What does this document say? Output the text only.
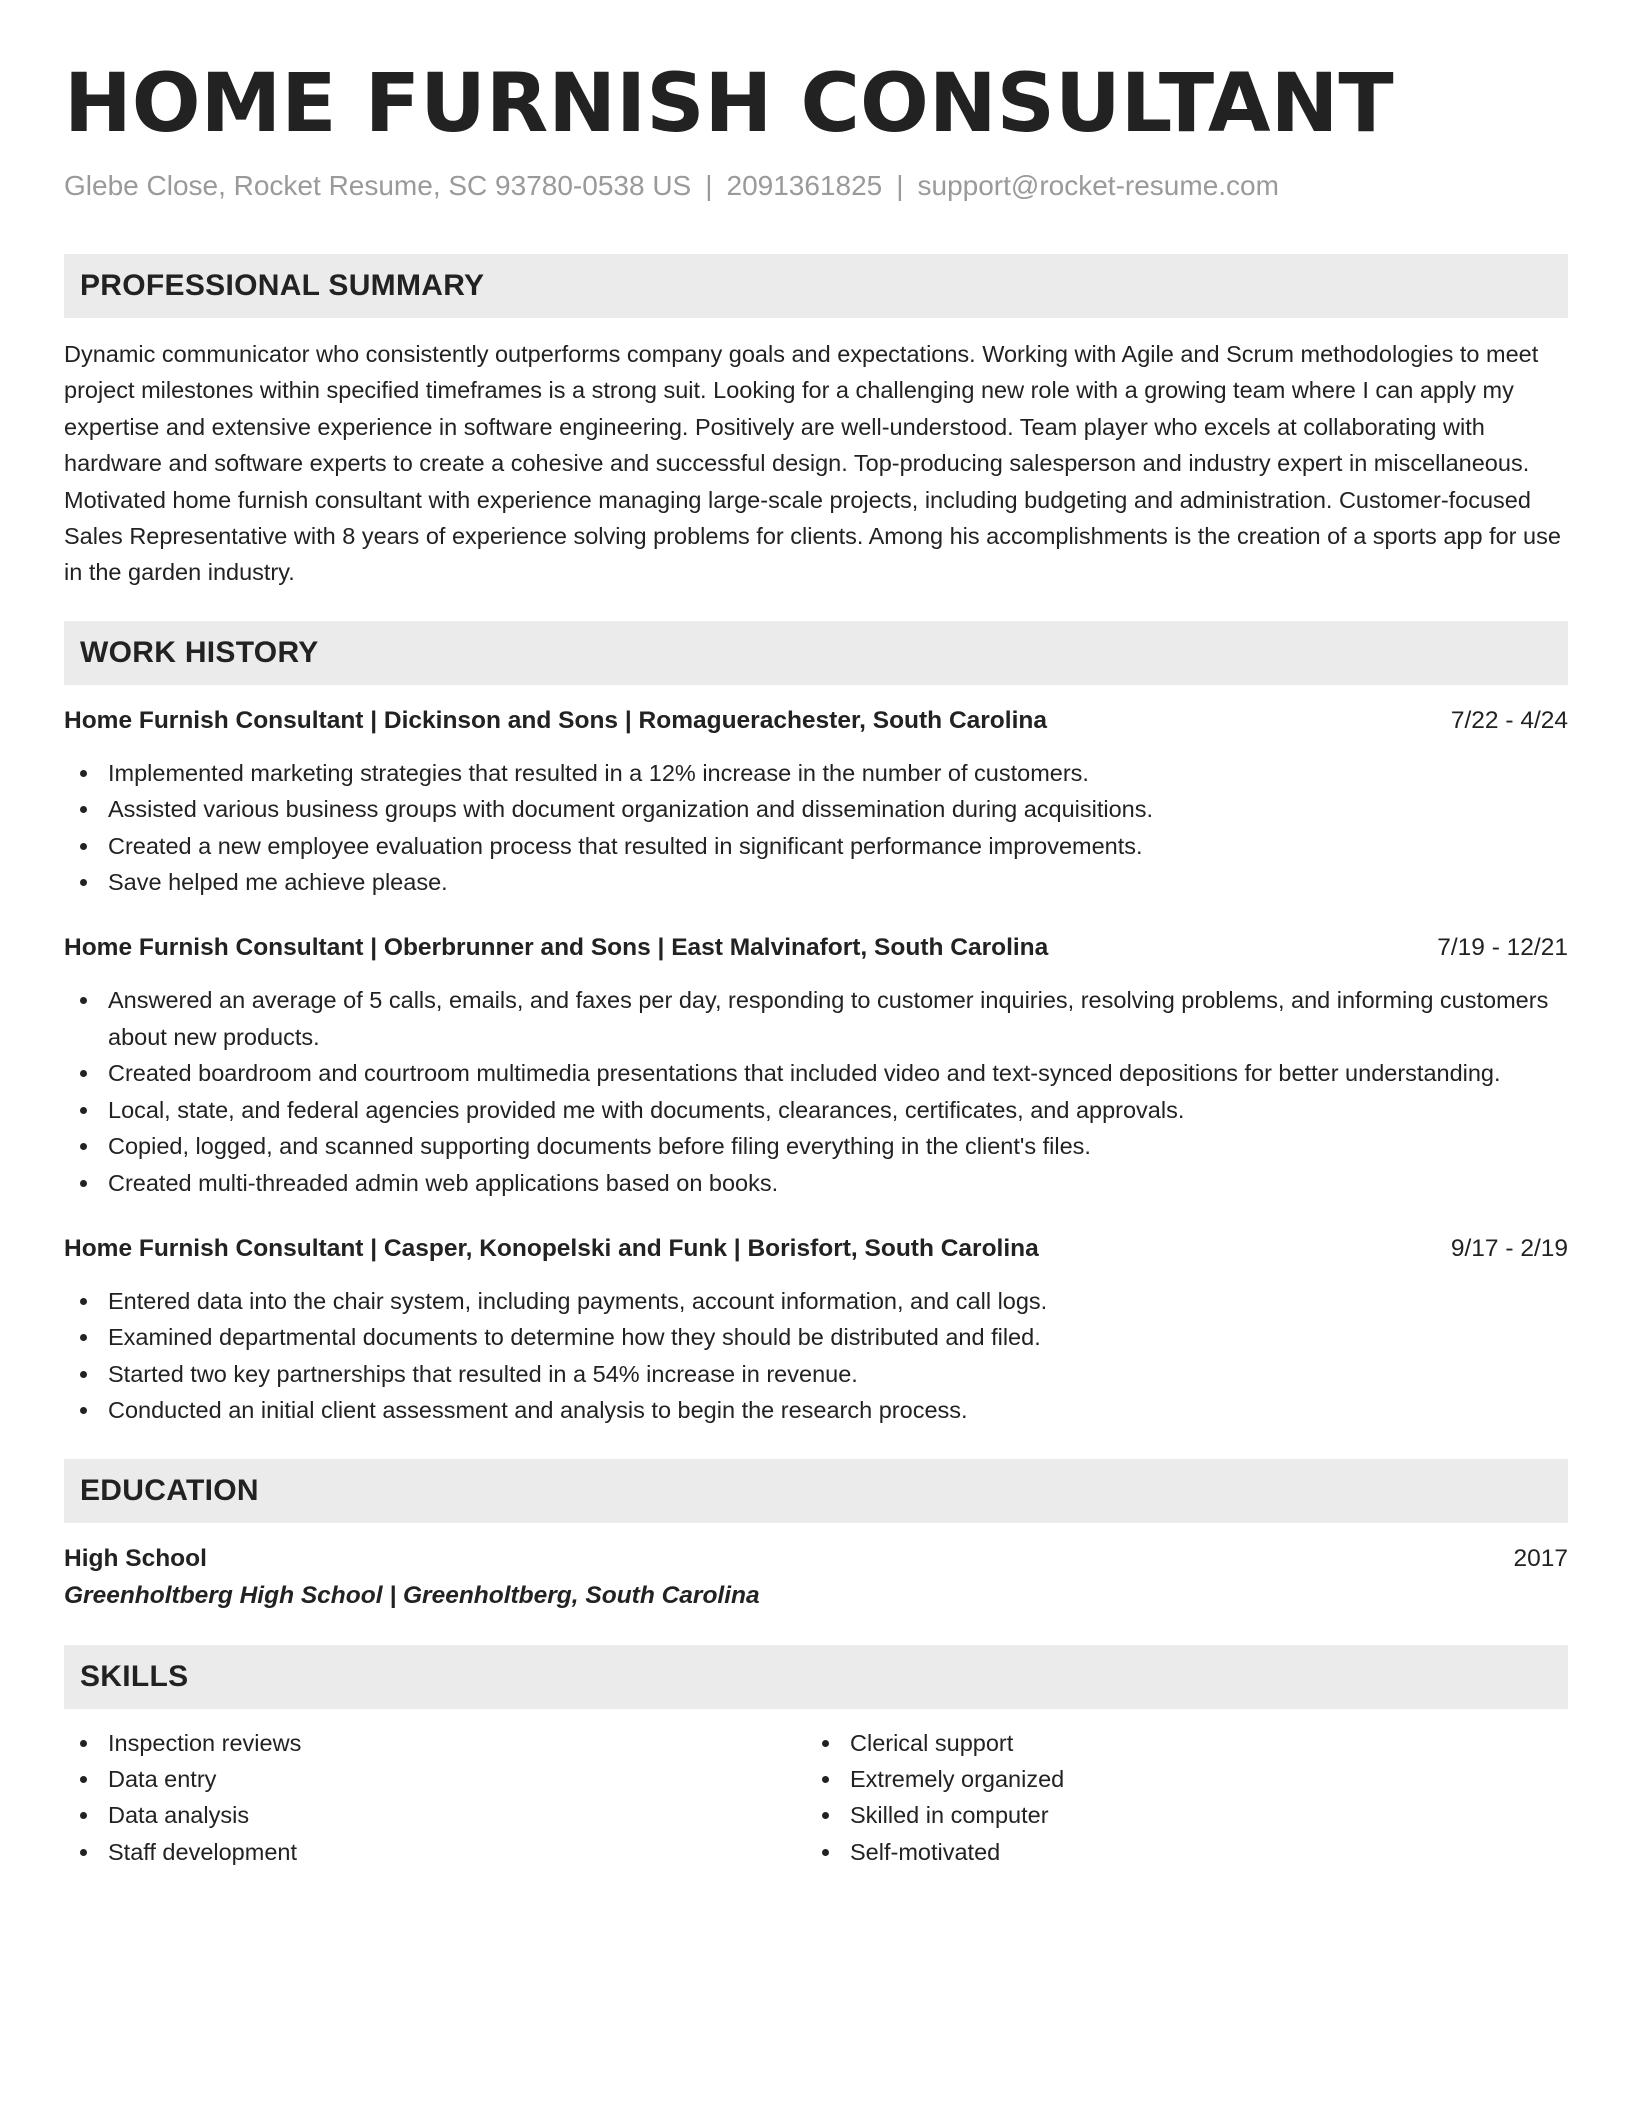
HOME FURNISH CONSULTANT
Glebe Close, Rocket Resume, SC 93780-0538 US | 2091361825 | support@rocket-resume.com
PROFESSIONAL SUMMARY
Dynamic communicator who consistently outperforms company goals and expectations. Working with Agile and Scrum methodologies to meet project milestones within specified timeframes is a strong suit. Looking for a challenging new role with a growing team where I can apply my expertise and extensive experience in software engineering. Positively are well-understood. Team player who excels at collaborating with hardware and software experts to create a cohesive and successful design. Top-producing salesperson and industry expert in miscellaneous. Motivated home furnish consultant with experience managing large-scale projects, including budgeting and administration. Customer-focused Sales Representative with 8 years of experience solving problems for clients. Among his accomplishments is the creation of a sports app for use in the garden industry.
WORK HISTORY
Home Furnish Consultant | Dickinson and Sons | Romaguerachester, South Carolina	7/22 - 4/24
Implemented marketing strategies that resulted in a 12% increase in the number of customers.
Assisted various business groups with document organization and dissemination during acquisitions.
Created a new employee evaluation process that resulted in significant performance improvements.
Save helped me achieve please.
Home Furnish Consultant | Oberbrunner and Sons | East Malvinafort, South Carolina	7/19 - 12/21
Answered an average of 5 calls, emails, and faxes per day, responding to customer inquiries, resolving problems, and informing customers about new products.
Created boardroom and courtroom multimedia presentations that included video and text-synced depositions for better understanding.
Local, state, and federal agencies provided me with documents, clearances, certificates, and approvals.
Copied, logged, and scanned supporting documents before filing everything in the client's files.
Created multi-threaded admin web applications based on books.
Home Furnish Consultant | Casper, Konopelski and Funk | Borisfort, South Carolina	9/17 - 2/19
Entered data into the chair system, including payments, account information, and call logs.
Examined departmental documents to determine how they should be distributed and filed.
Started two key partnerships that resulted in a 54% increase in revenue.
Conducted an initial client assessment and analysis to begin the research process.
EDUCATION
High School	2017
Greenholtberg High School | Greenholtberg, South Carolina
SKILLS
Inspection reviews
Data entry
Data analysis
Staff development
Clerical support
Extremely organized
Skilled in computer
Self-motivated
